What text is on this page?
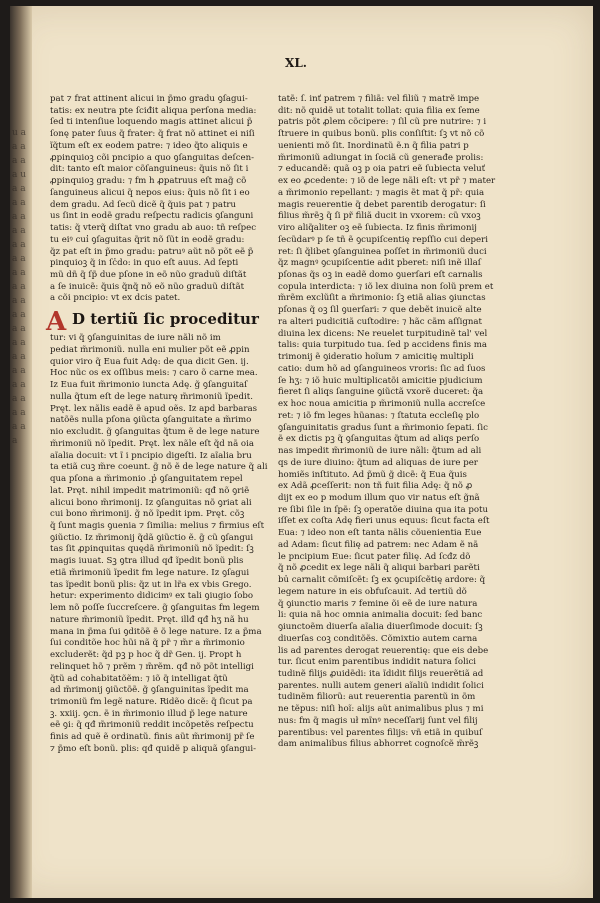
u a a a a a a u a a a a a a a a a a a a a a a a a a a a a a a a a a a a a a a a a a a a a
XL.
pat̃ ⁊ frat̃ attinent alicui in p̃mo gradu ꝯſagui-
tatis: ex neutra pte ſciđit aliqua perſona media:
ſed ti intenſiue loquendo magis attinet alicui p̃
ſonę pater ſuus q̃ frater: q̃ frat̃ nõ attinet ei niſi
ĩq̃tum eſt ex eodem patre: ⁊ ideo q̃to aliquis e
ꝓpinquioꝫ cõi pncipio a quo ꝯſanguitas deſcen-
dit: tanto eſt maior cõſanguineus: q̃uis nõ ſit i
ꝓpinquioꝫ gradu: ⁊ f̃m h̃ ꝓpatruus eſt mag̃ cõ
ſanguineus alicui q̃ nepos eius: q̃uis nõ ſit i eo
dem gradu. Ad ſecũ dicẽ q̃ q̃uis pat̃ ⁊ patru
us ſint in eodẽ gradu reſpectu radicis ꝯſanguni
tatis: q̃ vterq̃ diſtat vno gradu ab auo: tñ reſpec
tu eiꝰ cui̓ ꝯſaguitas q̃rit nõ ſũt in eodẽ gradu:
q̃z pat̃ eſt in p̃mo gradu: patruꝰ aũt nõ põt eẽ p̃
pinquioꝫ q̃ in ſc̓do: in quo eſt auus. Ad ſepti
mũ dñ q̃ ſp̃ due pſone in eõ nũo graduũ diſtãt
a ſe inuicẽ: q̃uis q̃nq̃ nõ eõ nũo graduũ diſtãt
a cõi pncipio: vt ex dcis patet.
A D tertiũ ſic proceditur
tur: vi q̃ ꝯſanguinitas de iure nãli nõ im
pediat m̃rimoniũ. nulla eni mulier põt eẽ ꝓpin
quior viro q̃ Eua fuit Adę: de qua dicit Gen. ij.
Hoc nũc os ex oſſibus meis: ⁊ caro õ carne mea.
Iz Eua fuit m̃rimonio iuncta Adę. g̃ ꝯſanguitaſ
nulla q̃tum eſt de lege naturę m̃rimoniũ ĩpedit.
Pręt. lex nãlis eadẽ ẽ apud oẽs. Iz apd barbaras
natõẽs nulla pſona ꝯiũcta ꝯſanguitate a m̃rimo
nio excludit. g̃ ꝯſanguitas q̃tum ẽ de lege nature
m̃rimoniũ nõ ĩpedit. Pręt. lex nãle eſt q̃d nã oia
aĩalia docuit: vt ĩ i pncipio digeſti. Iz aĩalia bru
ta etiã cuꝫ m̃re coeunt. g̃ nõ ẽ de lege nature q̃ ali
qua pſona a m̃rimonio .p̓ ꝯſanguitatem repel
lat. Pręt. nihil impedit matrimoniũ: qđ nõ ꝯriẽ
alicui bono m̃rimonij. Iz ꝯſanguitas nõ ꝯriat ali
cui bono m̃rimonij. g̃ nõ ĩpedit ipm. Pręt. cõꝫ
q̃ ſunt magis ꝯuenia ⁊ ſimilia: melius ⁊ firmius eſt
ꝯiũctio. Iz m̃rimonij q̃dã ꝯiũctio ẽ. g̃ cũ ꝯſangui
tas ſit ꝓpinquitas quędã m̃rimoniũ nõ ĩpedit: ſꝫ
magis iuuat. Sꝫ ꝯtra illud qđ ĩpedit bonũ plis
etiã m̃rimoniũ ĩpedit f̃m lege nature. Iz ꝯſagui
tas ĩpedit bonũ plis: q̃z ut in lr̃a ex vbis Grego.
h̃etur: experimento didicimꝰ ex tali ꝯiugio ſobo
lem nõ poſſe ſuccreſcere. g̃ ꝯſanguitas f̃m legem
nature m̃rimoniũ ĩpedit. Pręt. illđ qđ hʒ nã hu
mana in p̃ma ſui ꝯditõẽ ẽ õ lege nature. Iz a p̃ma
ſui conditõe hoc hũi nã q̃ pr̃ ⁊ m̃r a m̃rimonio
excluderẽt: q̃d pꝫ p hoc q̃ dr̃ Gen. ij. Propt h̃
relinquet hõ ⁊ prẽm ⁊ m̃rẽm. qđ nõ põt intelligi
q̃tũ ad cohabitatõẽm: ⁊ iõ q̃ intelligat q̃tũ
ad m̃rimonij ꝯiũctõẽ. g̃ ꝯſanguinitas ĩpedit ma
trimoniũ f̃m legẽ nature. Ridẽo dicẽ: q̃ ſicut pa
ꝫ. xxiij. ꝯcn. ẽ in m̃rimonio illud p̃ lege nature
eẽ ꝯi: q̃ qđ m̃rimoniũ reddit incõpetẽs reſpectu
finis ad quẽ ẽ ordinatũ. finis aũt m̃rimonij pr̃ ſe
⁊ p̃mo eſt bonũ. plis: qđ quidẽ p aliquã ꝯſangui-
tatẽ: ſ. inť patrem ⁊ filiã: vel filiũ ⁊ matrẽ impe
dit: nõ quidẽ ut totalit tollat: quia filia ex ſeme
patris põt ꝓlem cõcipere: ⁊ ſil̓ cũ pre nutrire: ⁊ i
ſtruere in quibus bonũ. plis conſiſtit: ſꝫ vt nõ cõ
uenienti mõ ſit. Inordinatũ ẽ.n q̃ filia patri p
m̃rimoniũ adiungat in ſociã cũ generađe prolis:
⁊ educandẽ: quã oꝫ p oia patri eẽ ſubiecta veluť
ex eo ꝓcedente: ⁊ iõ de lege nãli eſt: vt pr̃ ⁊ mater
a m̃rimonio repellant: ⁊ magis ẽt mat̃ q̃ pr̃: quia
magis reuerentie q̃ debet parentib̓ derogatur: ſi
filius m̃rẽꝫ q̃ ſi pr̃ filiã ducit in vxorem: cũ vxoꝫ
viro aliq̃aliter oꝫ eẽ ſubiecta. Iz finis m̃rimonij
ſecũdarꝰ p ſe tñ ẽ ꝯcupiſcentię repſſio cui deperi
ret: ſi q̃libet ꝯſanguinea poſſet in m̃rimoniũ duci
q̃z magnꝰ ꝯcupiſcentie adit̃ pberet: niſi inẽ illaſ
pſonas q̃s oꝫ in eadẽ domo ꝯuerſari eſt carnalis
copula interdicta: ⁊ iõ lex diuina non ſolũ prem et
m̃rẽm exclũſit a m̃rimonio: ſꝫ etiã alias ꝯiunctas
pſonas q̃ oꝫ ſil̓ ꝯuerſari: ⁊ que debẽt inuicẽ alte
ra alteri pudicitiã cuſtodire: ⁊ hãc cãm aſſignat
diuina lex dicens: Ne reuelet turpitudinẽ tal' vel
talis: quia turpitudo tua. ſed p accidens finis ma
trimonij ẽ ꝯideratio hoĩum ⁊ amicitię multipli
catio: dum hõ ad ꝯſanguineos vroris: ſic ad ſuos
ſe hʒ: ⁊ iõ huic multiplicatõi amicitie pjudicium
fieret ſi aliqs ſanguine ꝯiũctã vxorẽ duceret: q̃a
ex hoc noua amicitia p m̃rimoniũ nulla accreſce
ret: ⁊ iõ f̃m leges hũanas: ⁊ ſtatuta eccleſię plo
ꝯſanguinitatis gradus ſunt a m̃rimonio ſepati. ſic
ẽ ex dictis pꝫ q̃ ꝯſanguitas q̃tum ad aliqs perſo
nas impedit m̃rimoniũ de iure nãli: q̃tum ad ali
qs de iure diuino: q̃tum ad aliquas de iure per
homiẽs inſtituto. Ad p̃mũ g̃ dicẽ: q̃ Eua q̃uis
ex Adã ꝓceſſerit: non tñ fuit filia Adę: q̃ nõ ꝓ
dijt ex eo p modum illum quo vir natus eſt g̃nã
re ſibi ſile in ſpẽ: ſꝫ operatõe diuina qua ita potu
iſſet ex coſta Adę fieri unus equus: ſicut facta eſt
Eua: ⁊ ideo non eſt tanta nãlis cõuenientia Eue
ad Adam: ſicut filię ad patrem: nec Adam ẽ nã
le pncipium Eue: ſicut pater filię. Ad ſcđz dõ
q̃ nõ ꝓcedit ex lege nãli q̃ aliqui barbari parẽti
bu̓ carnalit̃ cõmiſcẽt: ſꝫ ex ꝯcupiſcẽtię ardore: q̃
legem nature in eis obfuſcauit. Ad tertiũ dõ
q̃ ꝯiunctio maris ⁊ femine õi eẽ de iure natura
li: quia nã hoc omnia animalia docuit: ſed banc
ꝯiunctoẽm diuerſa aĩalia diuerſimode docuit: ſꝫ
diuerſas coꝫ conditõẽs. Cõmixtio autem carna
lis ad parentes derogat reuerentię: que eis debe
tur. ſicut enim parentibus indidit natura ſolici
tudinẽ filijs ꝓuidẽdi: ita ĩdidit filijs reuerẽtiã ad
parentes. nulli autem generi aĩaliũ indidit ſolici
tudinẽm filiorũ: aut reuerentia parentũ in õm
ne tẽpus: niſi hoĩ: alijs aũt animalibus plus ⁊ mi
nus: f̃m q̃ magis uł mĩnꝰ neceſſarij ſunt vel filij
parentibus: vel parentes filijs: vñ etiã in quibuſ
dam animalibus filius abhorret cognoſcẽ m̃rẽꝫ
